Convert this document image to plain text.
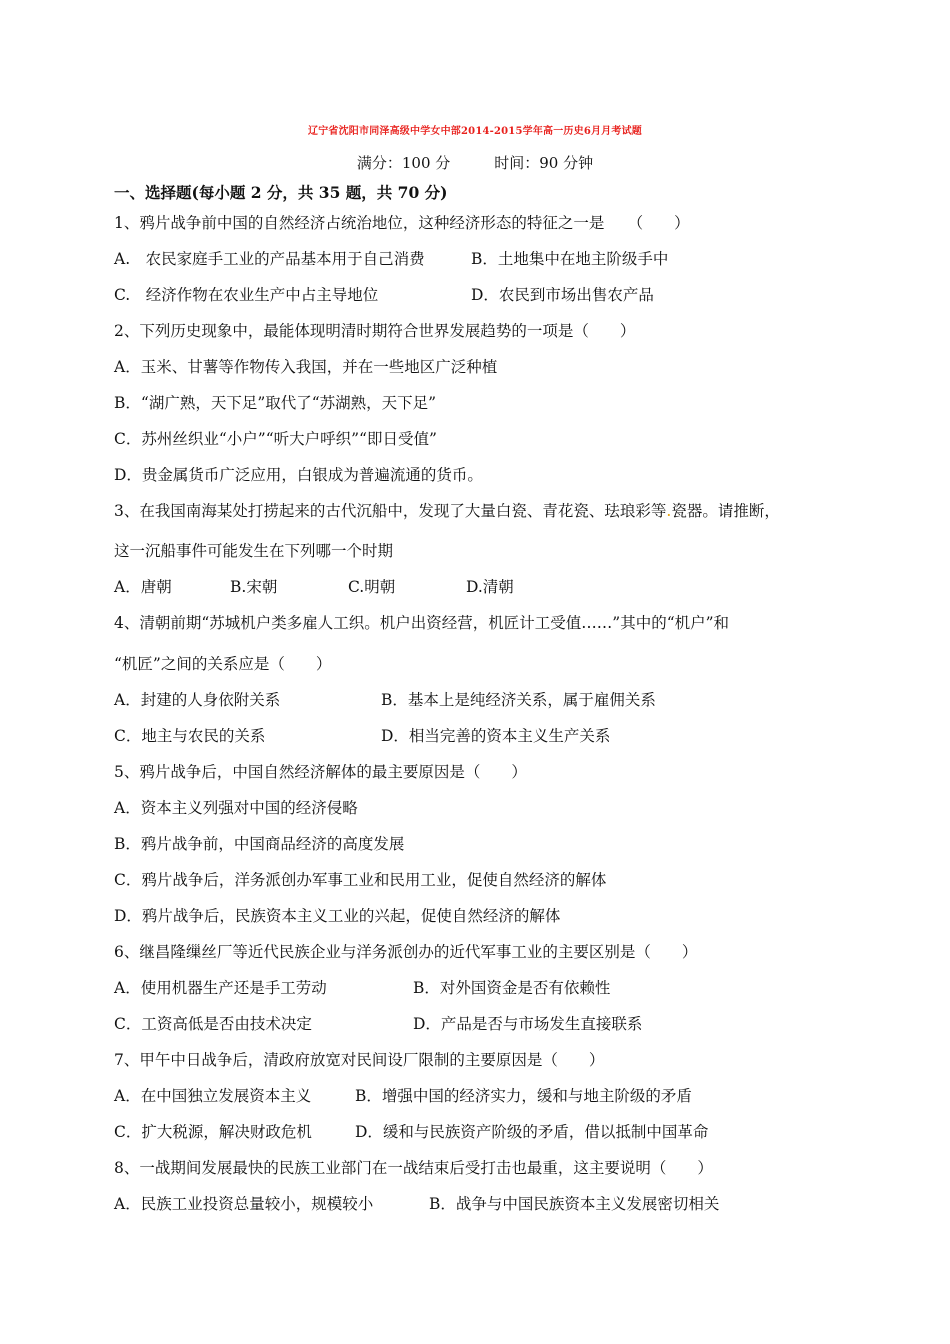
辽宁省沈阳市同泽高级中学女中部2014-2015学年高一历史6月月考试题
满分：100 分	时间：90 分钟
一、选择题(每小题 2 分，共 35 题，共 70 分)
1、鸦片战争前中国的自然经济占统治地位，这种经济形态的特征之一是　　（　　）
A.　农民家庭手工业的产品基本用于自己消费	B．土地集中在地主阶级手中
C.　经济作物在农业生产中占主导地位	D．农民到市场出售农产品
2、下列历史现象中，最能体现明清时期符合世界发展趋势的一项是（　　）
A．玉米、甘薯等作物传入我国，并在一些地区广泛种植
B．“湖广熟，天下足”取代了“苏湖熟，天下足”
C．苏州丝织业“小户”“听大户呼织”“即日受值”
D．贵金属货币广泛应用，白银成为普遍流通的货币。
3、在我国南海某处打捞起来的古代沉船中，发现了大量白瓷、青花瓷、珐琅彩等.瓷器。请推断，
这一沉船事件可能发生在下列哪一个时期
A．唐朝	B.宋朝	C.明朝	D.清朝
4、清朝前期“苏城机户类多雇人工织。机户出资经营，机匠计工受值……”其中的“机户”和
“机匠”之间的关系应是（　　）
A．封建的人身依附关系	B．基本上是纯经济关系，属于雇佣关系
C．地主与农民的关系	D．相当完善的资本主义生产关系
5、鸦片战争后，中国自然经济解体的最主要原因是（　　）
A．资本主义列强对中国的经济侵略
B．鸦片战争前，中国商品经济的高度发展
C．鸦片战争后，洋务派创办军事工业和民用工业，促使自然经济的解体
D．鸦片战争后，民族资本主义工业的兴起，促使自然经济的解体
6、继昌隆缫丝厂等近代民族企业与洋务派创办的近代军事工业的主要区别是（　　）
A．使用机器生产还是手工劳动	B．对外国资金是否有依赖性
C．工资高低是否由技术决定	D．产品是否与市场发生直接联系
7、甲午中日战争后，清政府放宽对民间设厂限制的主要原因是（　　）
A．在中国独立发展资本主义	B．增强中国的经济实力，缓和与地主阶级的矛盾
C．扩大税源，解决财政危机	D．缓和与民族资产阶级的矛盾，借以抵制中国革命
8、一战期间发展最快的民族工业部门在一战结束后受打击也最重，这主要说明（　　）
A．民族工业投资总量较小，规模较小	B．战争与中国民族资本主义发展密切相关
